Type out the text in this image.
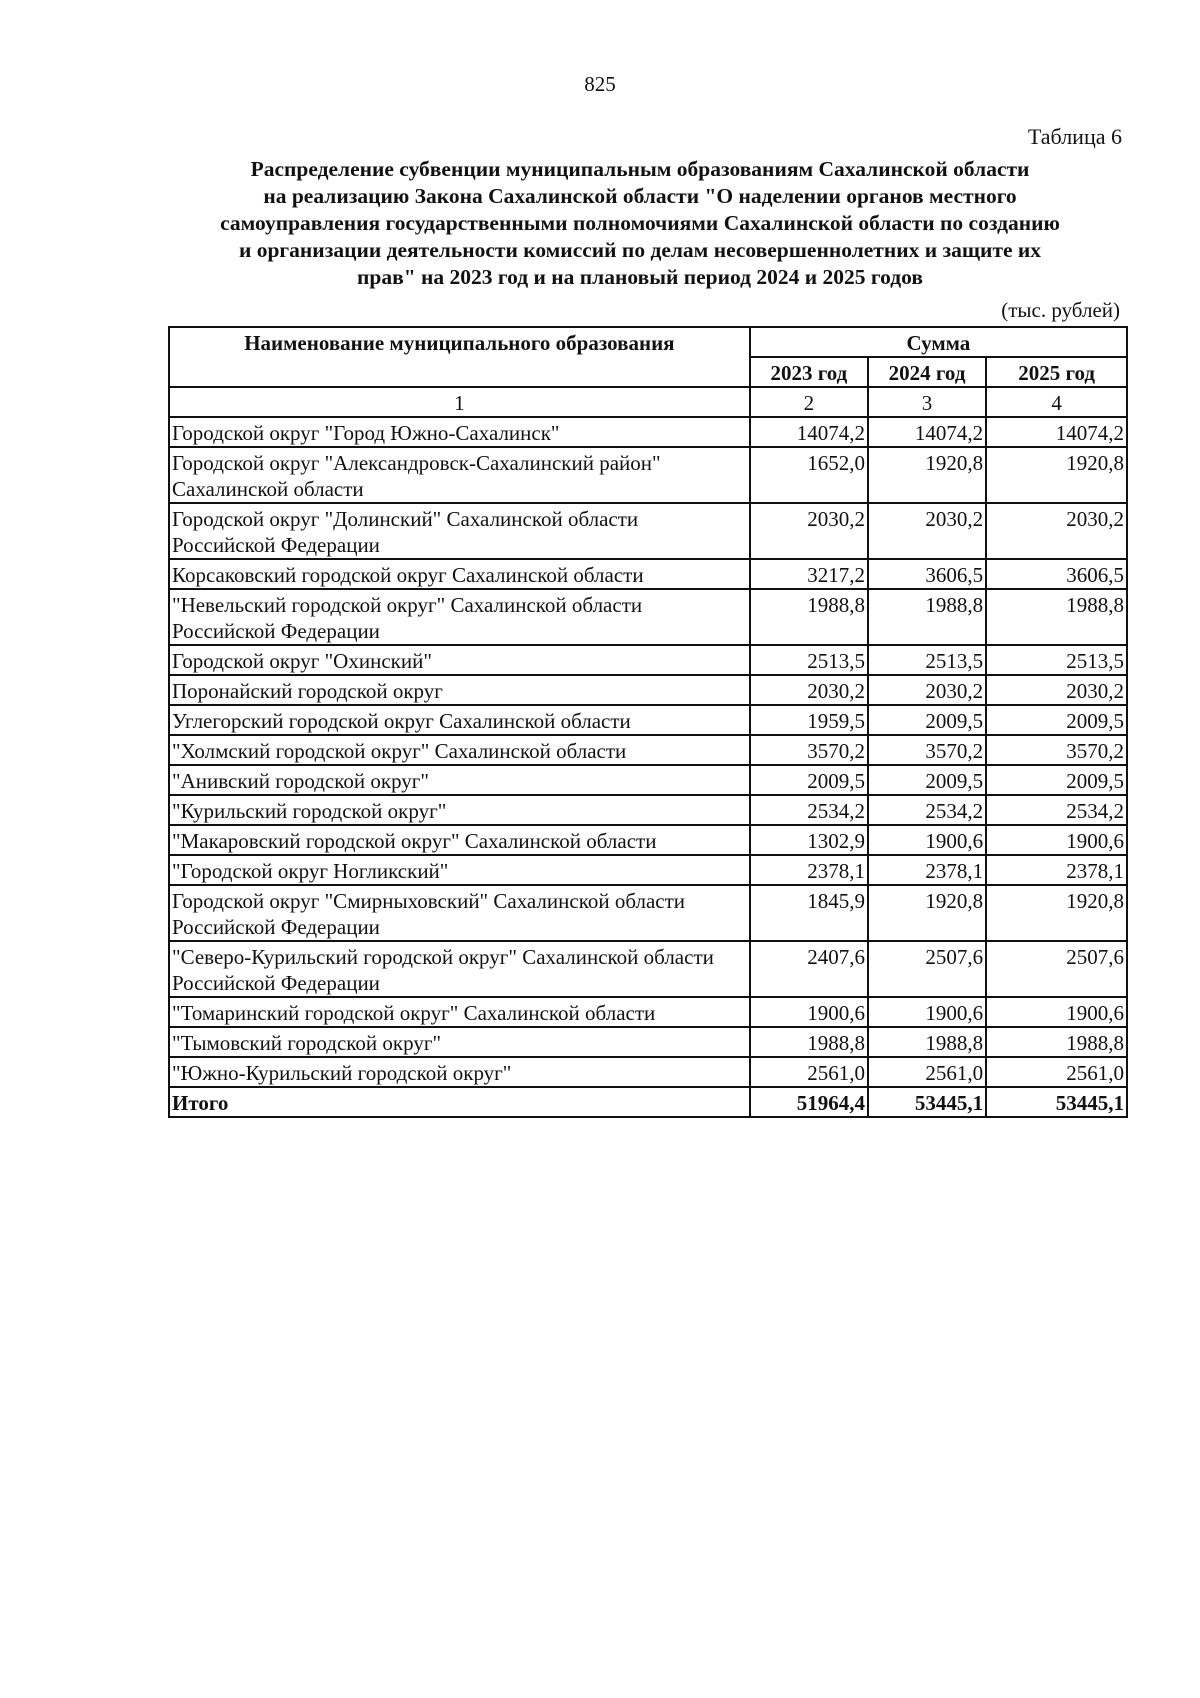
825
Таблица 6
Распределение субвенции муниципальным образованиям Сахалинской области
на реализацию Закона Сахалинской области "О наделении органов местного
самоуправления государственными полномочиями Сахалинской области по созданию
и организации деятельности комиссий по делам несовершеннолетних и защите их
прав" на 2023 год и на плановый период 2024 и 2025 годов
(тыс. рублей)
Наименование муниципального образования	Сумма		
	2023 год	2024 год	2025 год
1	2	3	4
Городской округ "Город Южно-Сахалинск"	14074,2	14074,2	14074,2
Городской округ "Александровск-Сахалинский район" Сахалинской области	1652,0	1920,8	1920,8
Городской округ "Долинский" Сахалинской области Российской Федерации	2030,2	2030,2	2030,2
Корсаковский городской округ Сахалинской области	3217,2	3606,5	3606,5
"Невельский городской округ" Сахалинской области Российской Федерации	1988,8	1988,8	1988,8
Городской округ "Охинский"	2513,5	2513,5	2513,5
Поронайский городской округ	2030,2	2030,2	2030,2
Углегорский городской округ Сахалинской области	1959,5	2009,5	2009,5
"Холмский городской округ" Сахалинской области	3570,2	3570,2	3570,2
"Анивский городской округ"	2009,5	2009,5	2009,5
"Курильский городской округ"	2534,2	2534,2	2534,2
"Макаровский городской округ" Сахалинской области	1302,9	1900,6	1900,6
"Городской округ Ногликский"	2378,1	2378,1	2378,1
Городской округ "Смирныховский" Сахалинской области Российской Федерации	1845,9	1920,8	1920,8
"Северо-Курильский городской округ" Сахалинской области Российской Федерации	2407,6	2507,6	2507,6
"Томаринский городской округ" Сахалинской области	1900,6	1900,6	1900,6
"Тымовский городской округ"	1988,8	1988,8	1988,8
"Южно-Курильский городской округ"	2561,0	2561,0	2561,0
Итого	51964,4	53445,1	53445,1
